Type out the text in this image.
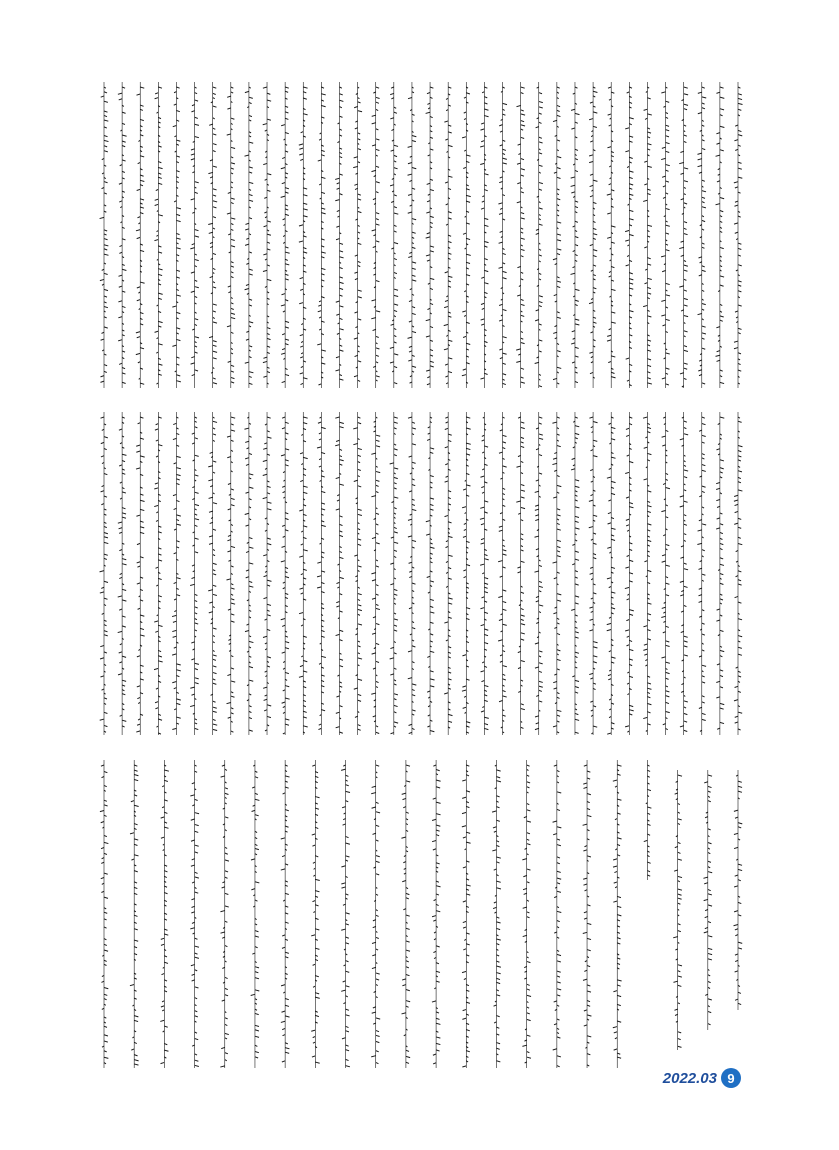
2022.03 9
